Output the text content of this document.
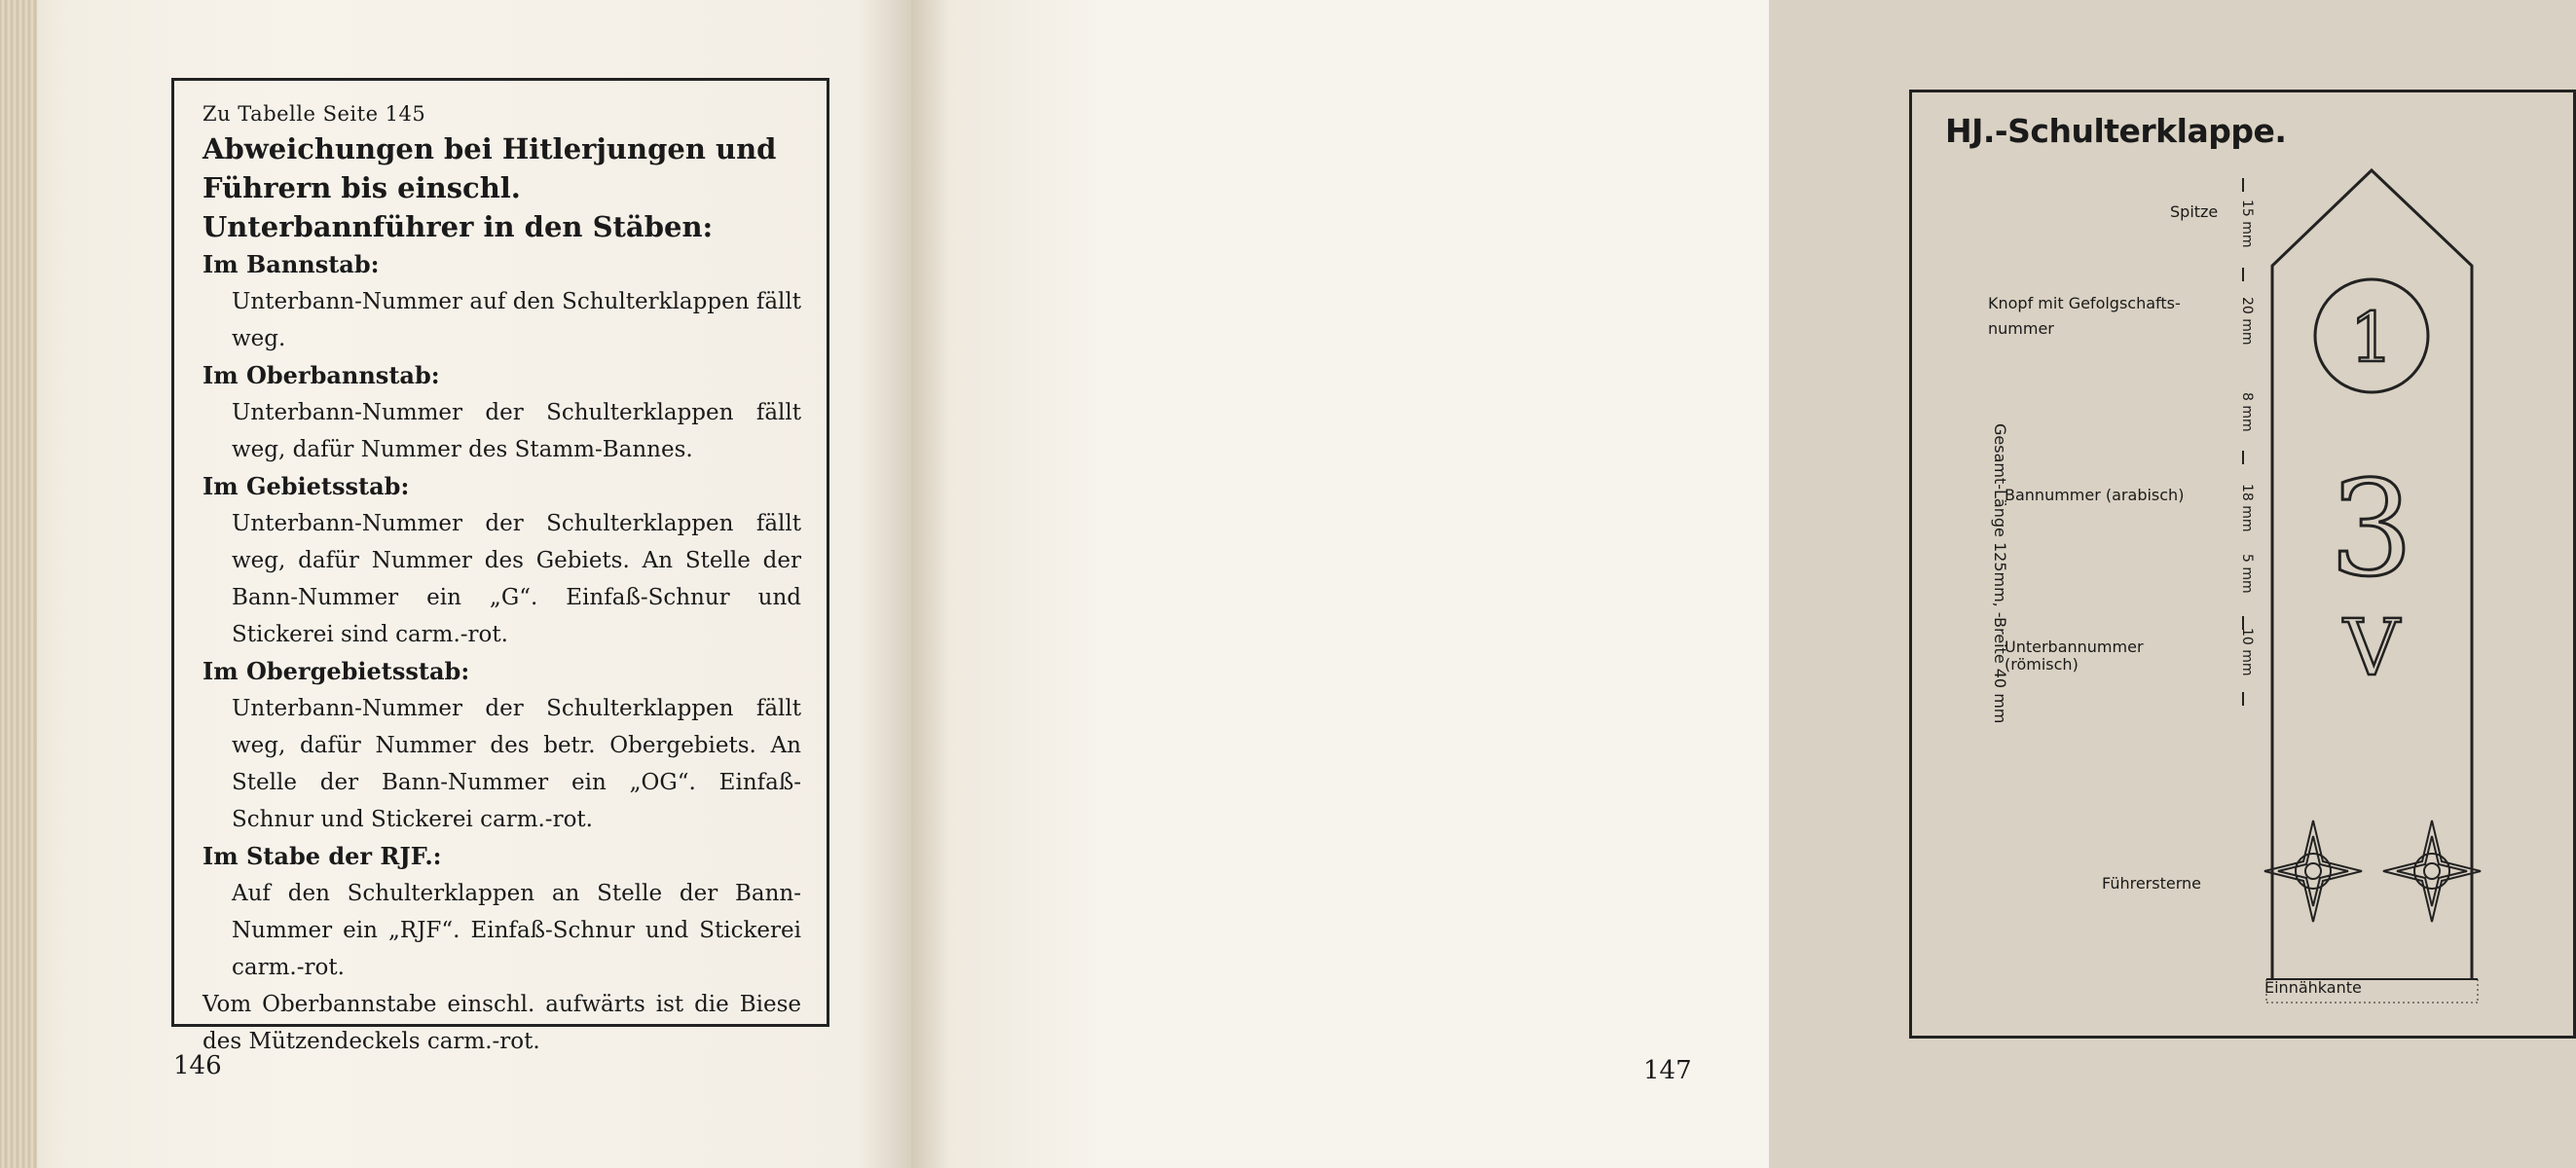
Zu Tabelle Seite 145

Abweichungen bei Hitlerjungen und Führern bis einschl. Unterbannführer in den Stäben:

Im Bannstab:

Unterbann-Nummer auf den Schulterklappen fällt weg.

Im Oberbannstab:

Unterbann-Nummer der Schulterklappen fällt weg, dafür Nummer des Stamm-Bannes.

Im Gebietsstab:

Unterbann-Nummer der Schulterklappen fällt weg, dafür Nummer des Gebiets. An Stelle der Bann-Nummer ein „G“. Einfaß-Schnur und Stickerei sind carm.-rot.

Im Obergebietsstab:

Unterbann-Nummer der Schulterklappen fällt weg, dafür Nummer des betr. Obergebiets. An Stelle der Bann-Nummer ein „OG“. Einfaß-Schnur und Stickerei carm.-rot.

Im Stabe der RJF.:

Auf den Schulterklappen an Stelle der Bann-Nummer ein „RJF“. Einfaß-Schnur und Stickerei carm.-rot.

Vom Oberbannstabe einschl. aufwärts ist die Biese des Mützendeckels carm.-rot.

146
HJ.-Schulterklappe.
Spitze
Knopf mit Gefolgschafts-
nummer
Bannummer (arabisch)
Unterbannummer
(römisch)
Führersterne
Gesamt-Länge 125mm, -Breite 40 mm
15 mm
20 mm
8 mm
18 mm
5 mm
10 mm
1
3
V
Einnähkante
147
